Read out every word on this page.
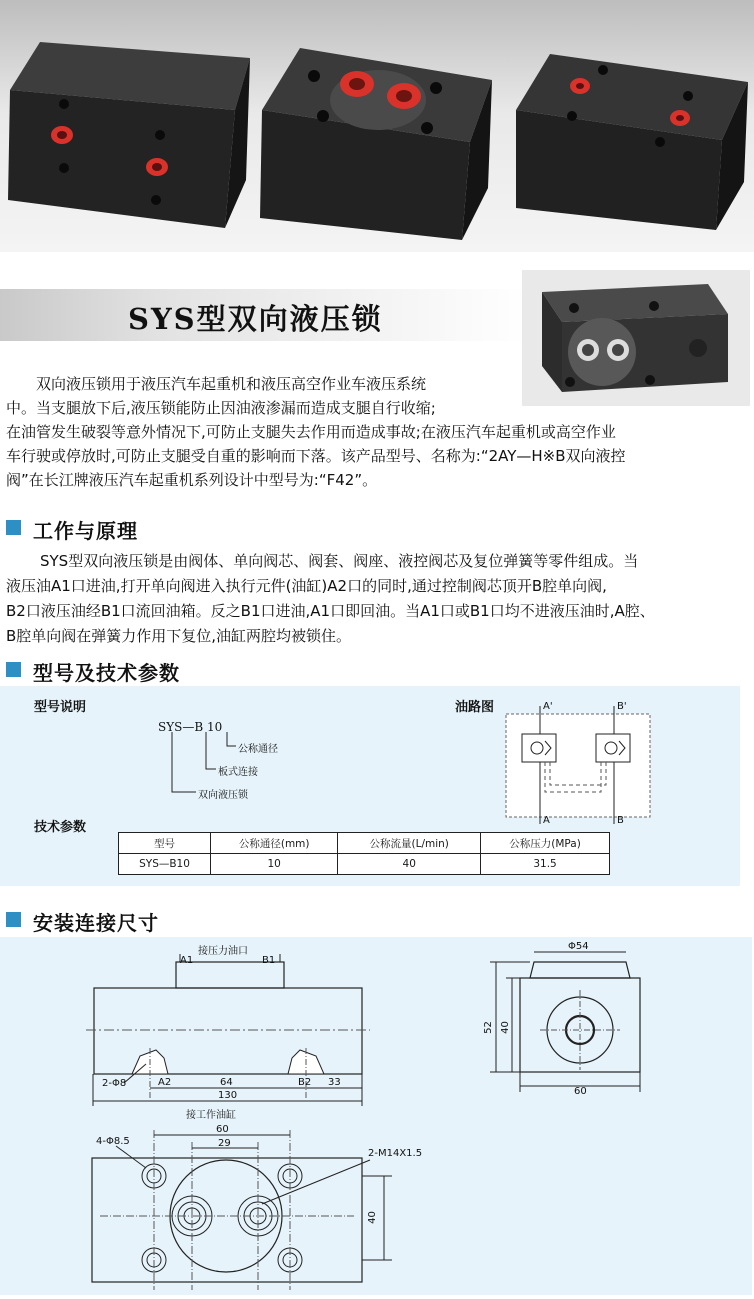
SYS型双向液压锁
双向液压锁用于液压汽车起重机和液压高空作业车液压系统
中。当支腿放下后,液压锁能防止因油液渗漏而造成支腿自行收缩;
在油管发生破裂等意外情况下,可防止支腿失去作用而造成事故;在液压汽车起重机或高空作业
车行驶或停放时,可防止支腿受自重的影响而下落。该产品型号、名称为:“2AY—H※B双向液控
阀”在长江牌液压汽车起重机系列设计中型号为:“F42”。
工作与原理
SYS型双向液压锁是由阀体、单向阀芯、阀套、阀座、液控阀芯及复位弹簧等零件组成。当
液压油A1口进油,打开单向阀进入执行元件(油缸)A2口的同时,通过控制阀芯顶开B腔单向阀,
B2口液压油经B1口流回油箱。反之B1口进油,A1口即回油。当A1口或B1口均不进液压油时,A腔、
B腔单向阀在弹簧力作用下复位,油缸两腔均被锁住。
型号及技术参数
型号说明
SYS—B 10
公称通径
板式连接
双向液压锁
油路图	A'	B'
A	B
技术参数
型号	公称通径(mm)	公称流量(L/min)	公称压力(MPa)
SYS—B10	10	40	31.5
安装连接尺寸
接压力油口
A1	B1
2-Φ8	A2	64	B2 33
130
接工作油缸
Φ54
52 40
60
4-Φ8.5
60
29
2-M14X1.5
40
